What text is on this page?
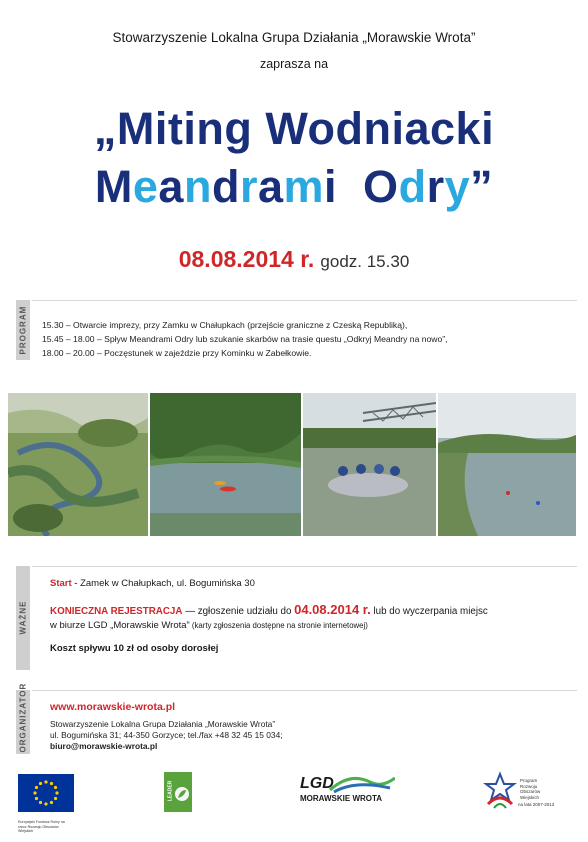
Stowarzyszenie Lokalna Grupa Działania „Morawskie Wrota”
zaprasza na
„Miting Wodniacki
Meandrami Odry”
08.08.2014 r. godz. 15.30
PROGRAM 15.30 – Otwarcie imprezy, przy Zamku w Chałupkach (przejście graniczne z Czeską Republiką),
15.45 – 18.00 – Spływ Meandrami Odry lub szukanie skarbów na trasie questu „Odkryj Meandry na nowo”,
18.00 – 20.00 – Poczęstunek w zajeździe przy Kominku w Zabełkowie.
WAŻNE
Start - Zamek w Chałupkach, ul. Bogumińska 30
KONIECZNA REJESTRACJA — zgłoszenie udziału do 04.08.2014 r. lub do wyczerpania miejsc
w biurze LGD „Morawskie Wrota” (karty zgłoszenia dostępne na stronie internetowej)
Koszt spływu 10 zł od osoby dorosłej
ORGANIZATOR www.morawskie-wrota.pl
Stowarzyszenie Lokalna Grupa Działania „Morawskie Wrota”
ul. Bogumińska 31; 44-350 Gorzyce; tel./fax +48 32 45 15 034;
biuro@morawskie-wrota.pl
Europejski Fundusz Rolny na rzecz Rozwoju Obszarów Wiejskich
LEADER	LGD
MORAWSKIE WROTA
Program Rozwoju Obszarów Wiejskich
na lata 2007-2013
